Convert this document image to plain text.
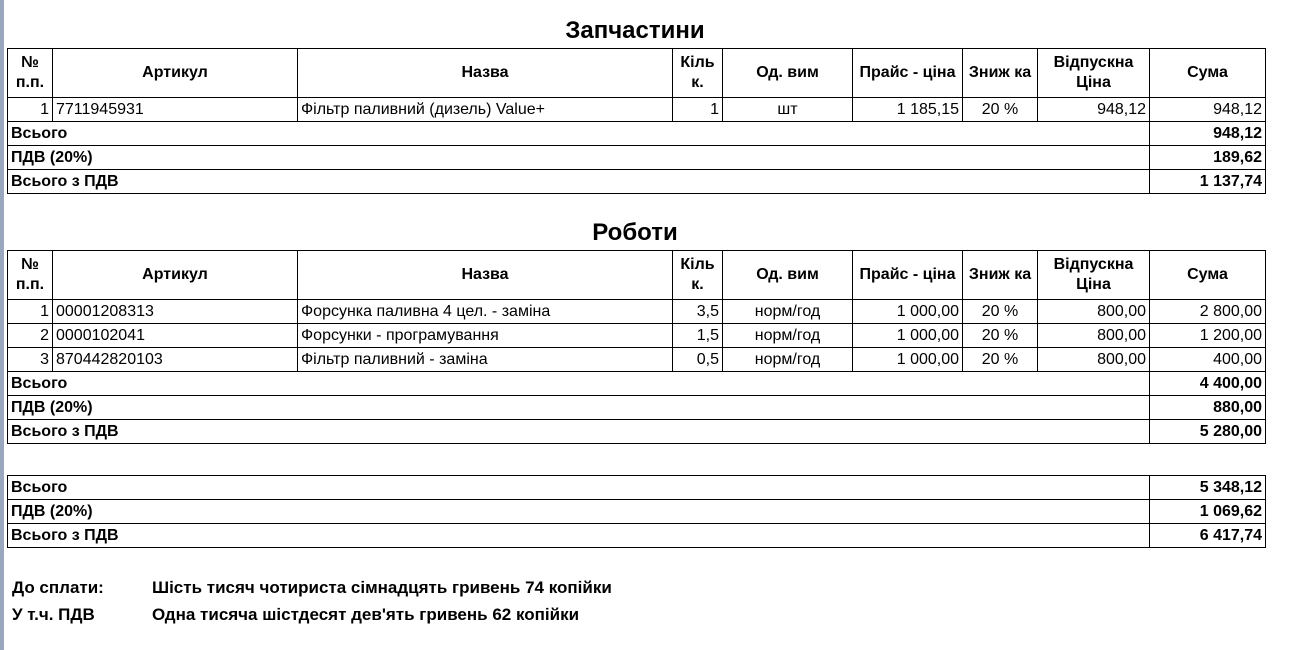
Запчастини
№ п.п.	Артикул	Назва	Кіль к.	Од. вим	Прайс - ціна	Зниж ка	Відпускна Ціна	Сума
1	7711945931	Фільтр паливний (дизель) Value+	1	шт	1 185,15	20 %	948,12	948,12
Всього								948,12
ПДВ (20%)								189,62
Всього з ПДВ								1 137,74
Роботи
№ п.п.	Артикул	Назва	Кіль к.	Од. вим	Прайс - ціна	Зниж ка	Відпускна Ціна	Сума
1	00001208313	Форсунка паливна 4 цел. - заміна	3,5	норм/год	1 000,00	20 %	800,00	2 800,00
2	0000102041	Форсунки - програмування	1,5	норм/год	1 000,00	20 %	800,00	1 200,00
3	870442820103	Фільтр паливний - заміна	0,5	норм/год	1 000,00	20 %	800,00	400,00
Всього								4 400,00
ПДВ (20%)								880,00
Всього з ПДВ								5 280,00
Всього	5 348,12
ПДВ (20%)	1 069,62
Всього з ПДВ	6 417,74
До сплати:	Шість тисяч чотириста сімнадцять гривень 74 копійки
У т.ч. ПДВ	Одна тисяча шістдесят дев'ять гривень 62 копійки
